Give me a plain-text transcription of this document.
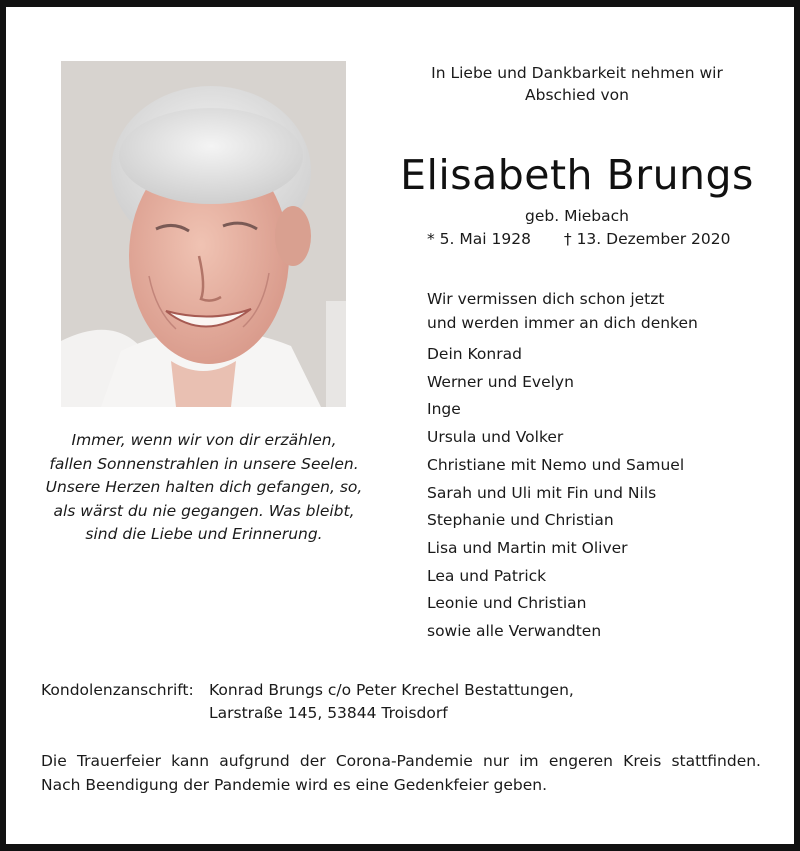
In Liebe und Dankbarkeit nehmen wir
Abschied von
Elisabeth Brungs
geb. Miebach
* 5. Mai 1928 † 13. Dezember 2020
Wir vermissen dich schon jetzt
und werden immer an dich denken
Dein Konrad
Werner und Evelyn
Inge
Ursula und Volker
Christiane mit Nemo und Samuel
Sarah und Uli mit Fin und Nils
Stephanie und Christian
Lisa und Martin mit Oliver
Lea und Patrick
Leonie und Christian
sowie alle Verwandten
Immer, wenn wir von dir erzählen,
fallen Sonnenstrahlen in unsere Seelen.
Unsere Herzen halten dich gefangen, so,
als wärst du nie gegangen. Was bleibt,
sind die Liebe und Erinnerung.
Kondolenzanschrift: Konrad Brungs c/o Peter Krechel Bestattungen,
Larstraße 145, 53844 Troisdorf
Die Trauerfeier kann aufgrund der Corona-Pandemie nur im engeren Kreis stattfinden.
Nach Beendigung der Pandemie wird es eine Gedenkfeier geben.
